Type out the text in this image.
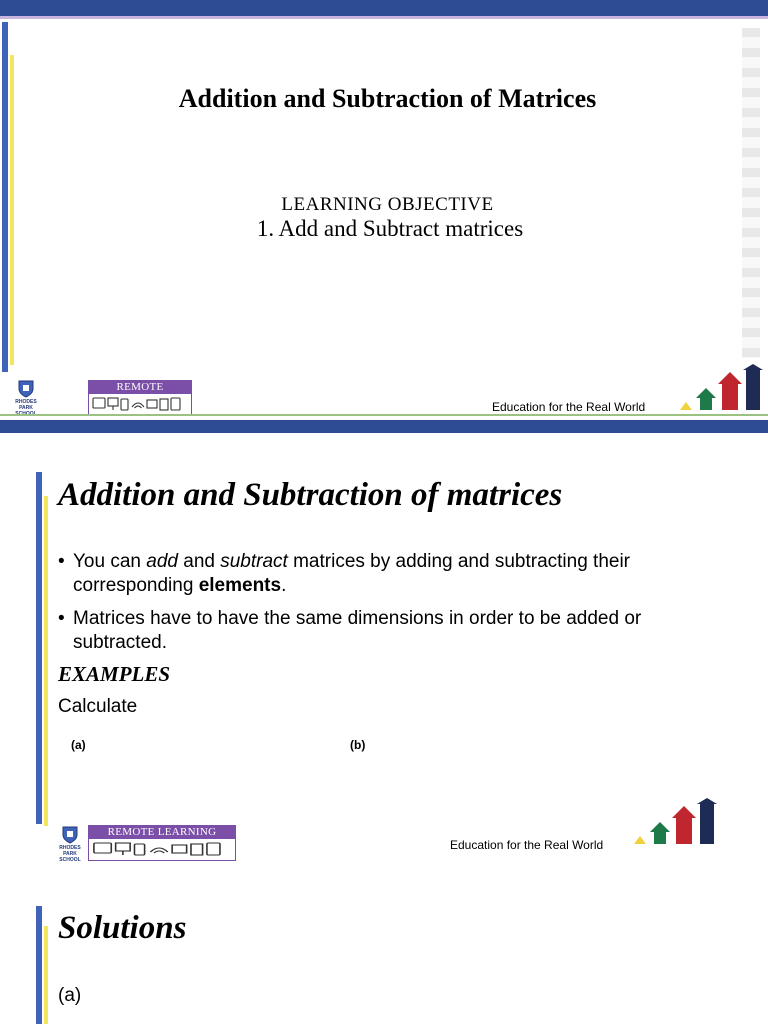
Addition and Subtraction of Matrices
LEARNING OBJECTIVE
1. Add and Subtract matrices
RHODES PARK
REMOTE LEARNING	Education for the Real World
Addition and Subtraction of matrices
• You can add and subtract matrices by adding and subtracting their corresponding elements.
• Matrices have to have the same dimensions in order to be added or subtracted.
EXAMPLES
Calculate
(a)	(b)
RHODES PARK SCHOOL
REMOTE LEARNING
Education for the Real World
Solutions
(a)
